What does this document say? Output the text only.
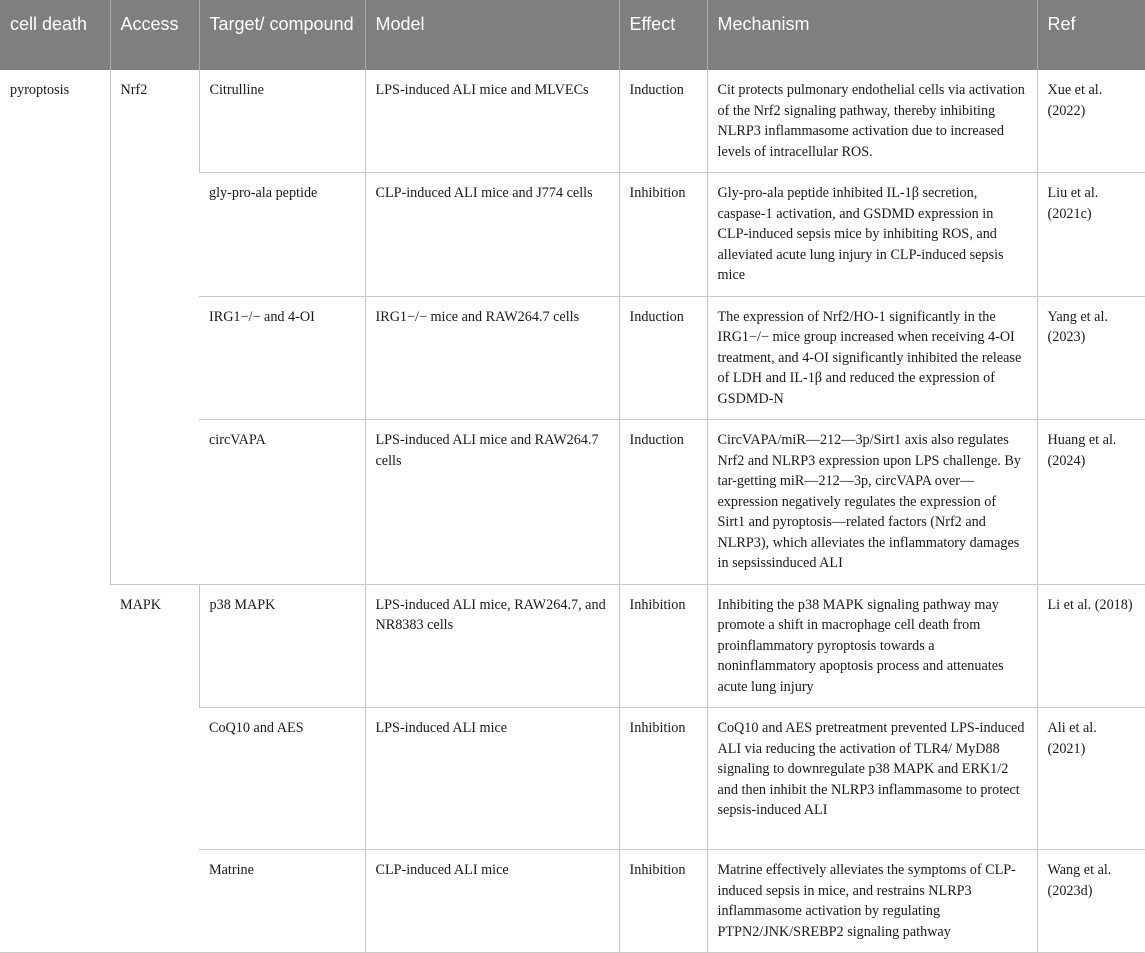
cell death	Access	Target/ compound	Model	Effect	Mechanism	Ref
pyroptosis	Nrf2	Citrulline	LPS-induced ALI mice and MLVECs	Induction	Cit protects pulmonary endothelial cells via activation of the Nrf2 signaling pathway, thereby inhibiting NLRP3 inflammasome activation due to increased levels of intracellular ROS.	Xue et al. (2022)
		gly-pro-ala peptide	CLP-induced ALI mice and J774 cells	Inhibition	Gly-pro-ala peptide inhibited IL-1β secretion, caspase-1 activation, and GSDMD expression in CLP-induced sepsis mice by inhibiting ROS, and alleviated acute lung injury in CLP-induced sepsis mice	Liu et al. (2021c)
		IRG1−/− and 4-OI	IRG1−/− mice and RAW264.7 cells	Induction	The expression of Nrf2/HO-1 significantly in the IRG1−/− mice group increased when receiving 4-OI treatment, and 4-OI significantly inhibited the release of LDH and IL-1β and reduced the expression of GSDMD-N	Yang et al. (2023)
		circVAPA	LPS-induced ALI mice and RAW264.7 cells	Induction	CircVAPA/miR—212—3p/Sirt1 axis also regulates Nrf2 and NLRP3 expression upon LPS challenge. By tar-getting miR—212—3p, circVAPA over—expression negatively regulates the expression of Sirt1 and pyroptosis—related factors (Nrf2 and NLRP3), which alleviates the inflammatory damages in sepsissinduced ALI	Huang et al. (2024)
	MAPK	p38 MAPK	LPS-induced ALI mice, RAW264.7, and NR8383 cells	Inhibition	Inhibiting the p38 MAPK signaling pathway may promote a shift in macrophage cell death from proinflammatory pyroptosis towards a noninflammatory apoptosis process and attenuates acute lung injury	Li et al. (2018)
		CoQ10 and AES	LPS-induced ALI mice	Inhibition	CoQ10 and AES pretreatment prevented LPS-induced ALI via reducing the activation of TLR4/ MyD88 signaling to downregulate p38 MAPK and ERK1/2 and then inhibit the NLRP3 inflammasome to protect sepsis-induced ALI	Ali et al. (2021)
		Matrine	CLP-induced ALI mice	Inhibition	Matrine effectively alleviates the symptoms of CLP-induced sepsis in mice, and restrains NLRP3 inflammasome activation by regulating PTPN2/JNK/SREBP2 signaling pathway	Wang et al. (2023d)
